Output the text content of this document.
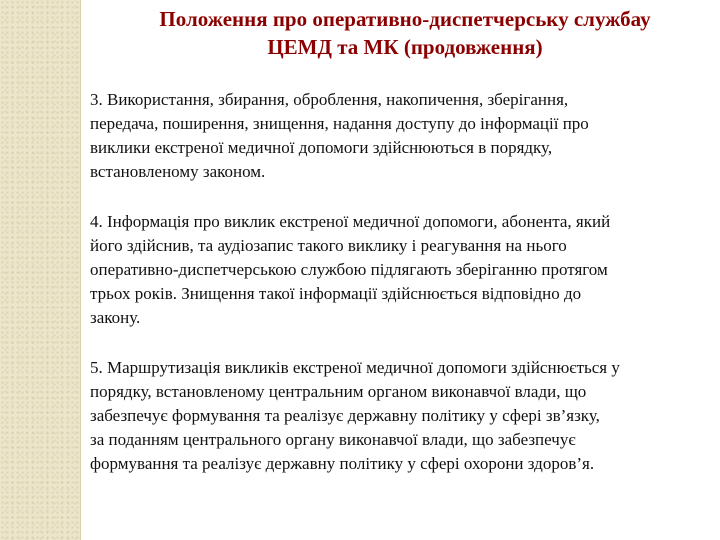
Положення про оперативно-диспетчерську службау
ЦЕМД та МК (продовження)

3. Використання, збирання, оброблення, накопичення, зберігання,
передача, поширення, знищення, надання доступу до інформації про
виклики екстреної медичної допомоги здійснюються в порядку,
встановленому законом.

4. Інформація про виклик екстреної медичної допомоги, абонента, який
його здійснив, та аудіозапис такого виклику і реагування на нього
оперативно-диспетчерською службою підлягають зберіганню протягом
трьох років. Знищення такої інформації здійснюється відповідно до
закону.

5. Маршрутизація викликів екстреної медичної допомоги здійснюється у
порядку, встановленому центральним органом виконавчої влади, що
забезпечує формування та реалізує державну політику у сфері зв’язку,
за поданням центрального органу виконавчої влади, що забезпечує
формування та реалізує державну політику у сфері охорони здоров’я.
